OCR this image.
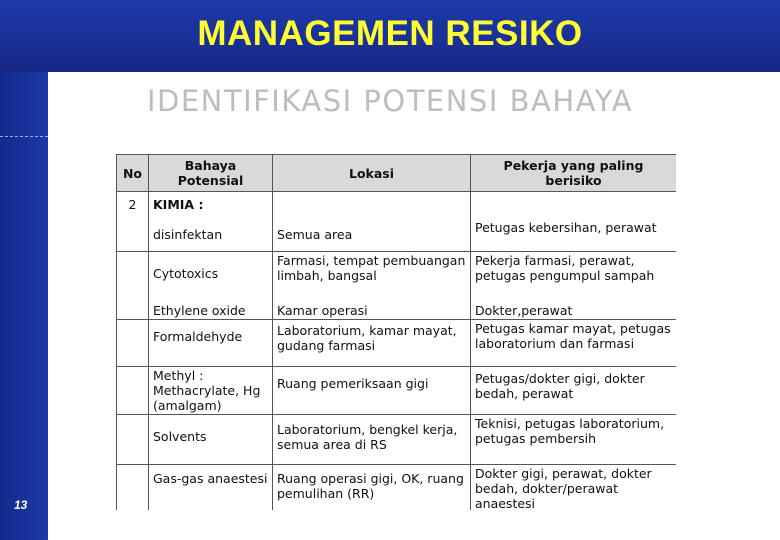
MANAGEMEN RESIKO
13
IDENTIFIKASI POTENSI BAHAYA
No	Bahaya Potensial	Lokasi	Pekerja yang paling berisiko
2	KIMIA :		
	disinfektan	Semua area	Petugas kebersihan, perawat
	Cytotoxics	Farmasi, tempat pembuangan limbah, bangsal	Pekerja farmasi, perawat, petugas pengumpul sampah
	Ethylene oxide	Kamar operasi	Dokter,perawat
	Formaldehyde	Laboratorium, kamar mayat, gudang farmasi	Petugas kamar mayat, petugas laboratorium dan farmasi
	Methyl : Methacrylate, Hg (amalgam)	Ruang pemeriksaan gigi	Petugas/dokter gigi, dokter bedah, perawat
	Solvents	Laboratorium, bengkel kerja, semua area di RS	Teknisi, petugas laboratorium, petugas pembersih
	Gas-gas anaestesi	Ruang operasi gigi, OK, ruang pemulihan (RR)	Dokter gigi, perawat, dokter bedah, dokter/perawat anaestesi
